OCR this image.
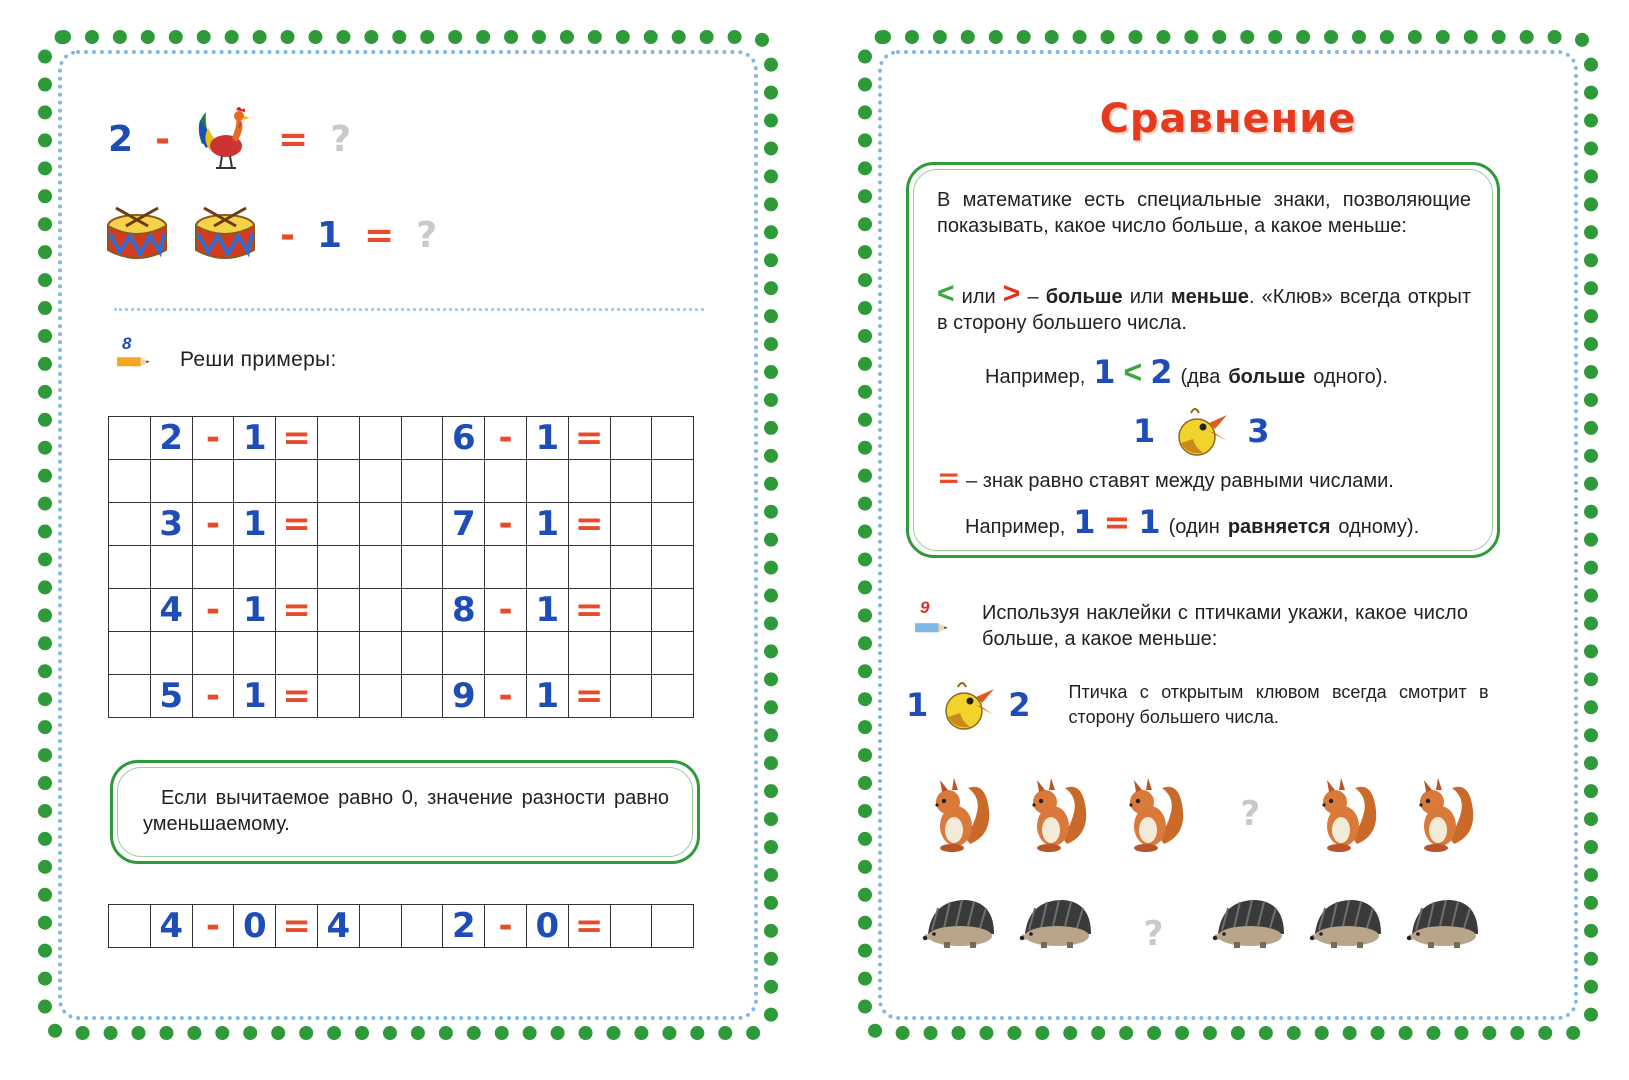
2 -	= ?
- 1 = ?
8
Реши примеры:
	2	-	1	=				6	-	1	=		

	3	-	1	=				7	-	1	=		

	4	-	1	=				8	-	1	=		

	5	-	1	=				9	-	1	=		

Если вычитаемое равно 0, значение разности равно уменьшаемому.

	4	-	0	=	4			2	-	0	=		
Сравнение

В математике есть специальные знаки, позволяющие показывать, какое число больше, а какое меньше:

< или > – больше или меньше. «Клюв» всегда открыт в сторону большего числа.

Например, 1 < 2 (два больше одного).
1	3

= – знак равно ставят между равными числами.

Например, 1 = 1 (один равняется одному).
9	Используя наклейки с птичками укажи, какое число больше, а какое меньше:

1	2 Птичка с открытым клювом всегда смотрит в сторону большего числа.

?
?
